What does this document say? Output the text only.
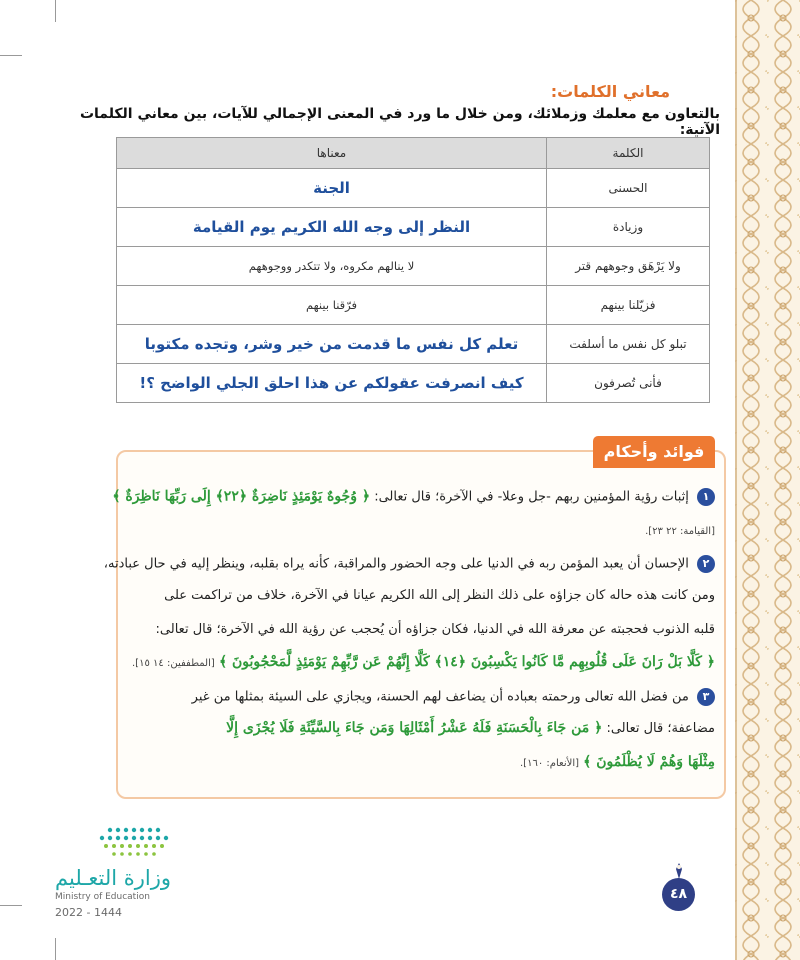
معاني الكلمات:

بالتعاون مع معلمك وزملائك، ومن خلال ما ورد في المعنى الإجمالي للآيات، بين معاني الكلمات الآتية:

الكلمة	معناها
الحسنى	الجنة
وزيادة	النظر إلى وجه الله الكريم يوم القيامة
ولا يَرْهَق وجوههم قتر	لا ينالهم مكروه، ولا تتكدر ووجوههم
فزيّلنا بينهم	فرّقنا بينهم
تبلو كل نفس ما أسلفت	تعلم كل نفس ما قدمت من خير وشر، وتجده مكتوبا
فأنى تُصرفون	كيف انصرفت عقولكم عن هذا احلق الجلي الواضح ؟!
فوائد وأحكام

١ إثبات رؤية المؤمنين ربهم -جل وعلا- في الآخرة؛ قال تعالى: ﴿ وُجُوهٌ يَوْمَئِذٍ نَاضِرَةٌ ﴿٢٢﴾ إِلَى رَبِّهَا نَاظِرَةٌ ﴾

[القيامة: ٢٢ ٢٣].

٢ الإحسان أن يعبد المؤمن ربه في الدنيا على وجه الحضور والمراقبة، كأنه يراه بقلبه، وينظر إليه في حال عبادته،

ومن كانت هذه حاله كان جزاؤه على ذلك النظر إلى الله الكريم عيانا في الآخرة، خلاف من تراكمت على

قلبه الذنوب فحجبته عن معرفة الله في الدنيا، فكان جزاؤه أن يُحجب عن رؤية الله في الآخرة؛ قال تعالى:

﴿ كَلَّا بَلْ رَانَ عَلَى قُلُوبِهِم مَّا كَانُوا يَكْسِبُونَ ﴿١٤﴾ كَلَّا إِنَّهُمْ عَن رَّبِّهِمْ يَوْمَئِذٍ لَّمَحْجُوبُونَ ﴾ [المطففين: ١٤ ١٥].

٣ من فضل الله تعالى ورحمته بعباده أن يضاعف لهم الحسنة، ويجازي على السيئة بمثلها من غير

مضاعفة؛ قال تعالى: ﴿ مَن جَاءَ بِالْحَسَنَةِ فَلَهُ عَشْرُ أَمْثَالِهَا وَمَن جَاءَ بِالسَّيِّئَةِ فَلَا يُجْزَى إِلَّا

مِثْلَهَا وَهُمْ لَا يُظْلَمُونَ ﴾ [الأنعام: ١٦٠].

وزارة التعـليم

Ministry of Education

2022 - 1444

٤٨
